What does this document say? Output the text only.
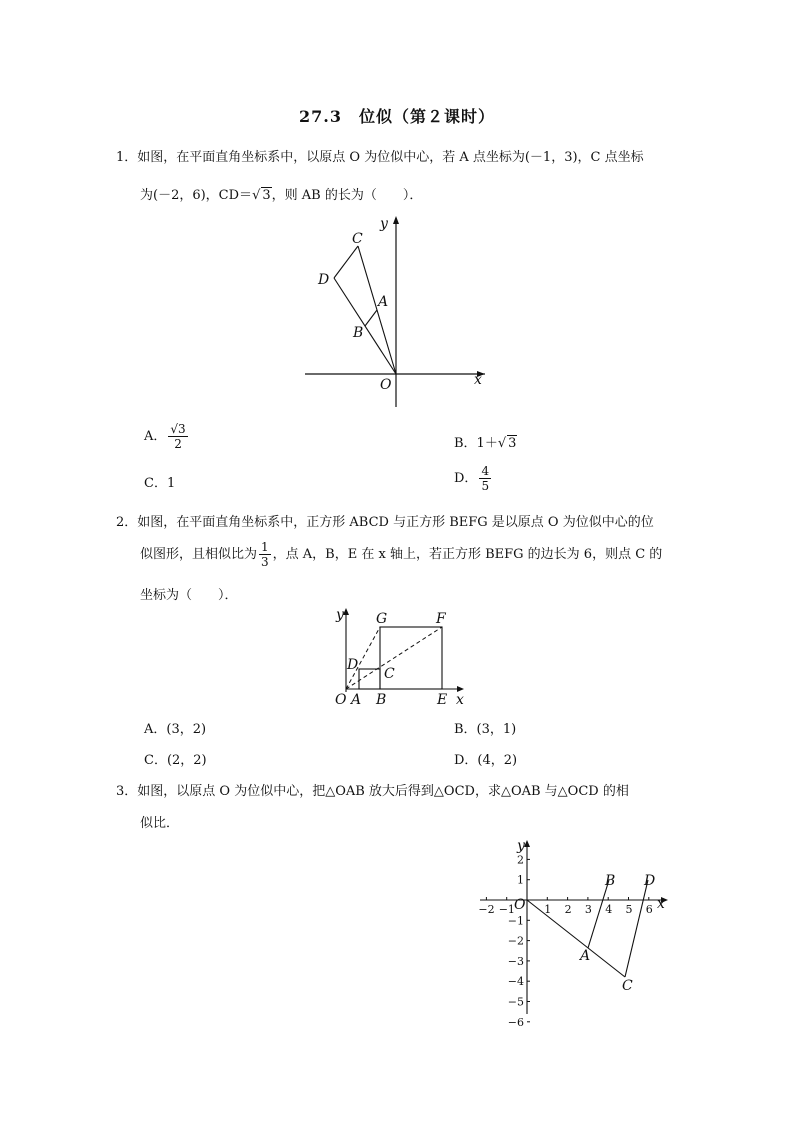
27.3　位似（第２课时）
1．如图，在平面直角坐标系中，以原点 O 为位似中心，若 A 点坐标为(－1，3)，C 点坐标
为(－2，6)，CD＝√ 3，则 AB 的长为（　　）．
C
D
A
B
O	x
y
A． $\frac{√3}{2}$	B．1＋√ 3
C．1	D． $\frac{4}{5}$
2．如图，在平面直角坐标系中，正方形 ABCD 与正方形 BEFG 是以原点 O 为位似中心的位
似图形，且相似比为 $\frac{1}{3}$ ，点 A，B，E 在 x 轴上，若正方形 BEFG 的边长为 6，则点 C 的
坐标为（　　）．
y G	F
D
C
O A B	E x
A．(3，2)	B．(3，1)
C．(2，2)	D．(4，2)
3．如图，以原点 O 为位似中心，把△OAB 放大后得到△OCD，求△OAB 与△OCD 的相
似比．
−2 −1	1 2 3 4 5 6
2
1
−1
−2
−3
−4
−5
−6
y
B D
A
C
O	x
